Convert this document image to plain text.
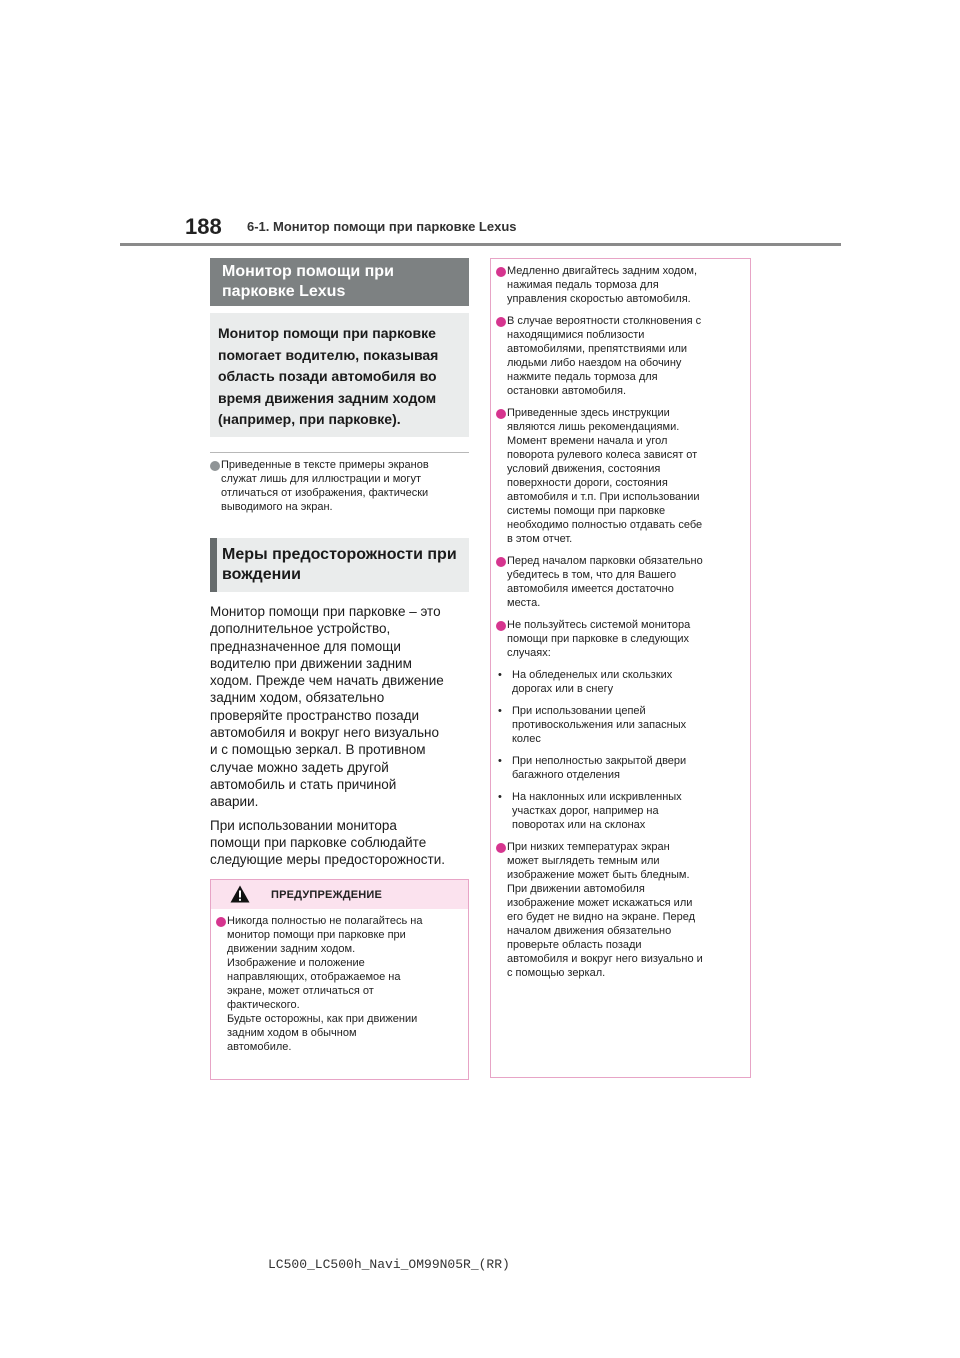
188 6-1. Монитор помощи при парковке Lexus
Монитор помощи при парковке Lexus
Монитор помощи при парковке
помогает водителю, показывая
область позади автомобиля во
время движения задним ходом
(например, при парковке).
Приведенные в тексте примеры экранов
служат лишь для иллюстрации и могут
отличаться от изображения, фактически
выводимого на экран.
Меры предосторожности при
вождении

Монитор помощи при парковке – это
дополнительное устройство,
предназначенное для помощи
водителю при движении задним
ходом. Прежде чем начать движение
задним ходом, обязательно
проверяйте пространство позади
автомобиля и вокруг него визуально
и с помощью зеркал. В противном
случае можно задеть другой
автомобиль и стать причиной
аварии.

При использовании монитора
помощи при парковке соблюдайте
следующие меры предосторожности.

ПРЕДУПРЕЖДЕНИЕ
Никогда полностью не полагайтесь на
монитор помощи при парковке при
движении задним ходом.
Изображение и положение
направляющих, отображаемое на
экране, может отличаться от
фактического.
Будьте осторожны, как при движении
задним ходом в обычном
автомобиле.
Медленно двигайтесь задним ходом,
нажимая педаль тормоза для
управления скоростью автомобиля.
В случае вероятности столкновения с
находящимися поблизости
автомобилями, препятствиями или
людьми либо наездом на обочину
нажмите педаль тормоза для
остановки автомобиля.
Приведенные здесь инструкции
являются лишь рекомендациями.
Момент времени начала и угол
поворота рулевого колеса зависят от
условий движения, состояния
поверхности дороги, состояния
автомобиля и т.п. При использовании
системы помощи при парковке
необходимо полностью отдавать себе
в этом отчет.
Перед началом парковки обязательно
убедитесь в том, что для Вашего
автомобиля имеется достаточно
места.
Не пользуйтесь системой монитора
помощи при парковке в следующих
случаях:
• На обледенелых или скользких
дорогах или в снегу
• При использовании цепей
противоскольжения или запасных
колес
• При неполностью закрытой двери
багажного отделения
• На наклонных или искривленных
участках дорог, например на
поворотах или на склонах
При низких температурах экран
может выглядеть темным или
изображение может быть бледным.
При движении автомобиля
изображение может искажаться или
его будет не видно на экране. Перед
началом движения обязательно
проверьте область позади
автомобиля и вокруг него визуально и
с помощью зеркал.
LC500_LC500h_Navi_OM99N05R_(RR)
